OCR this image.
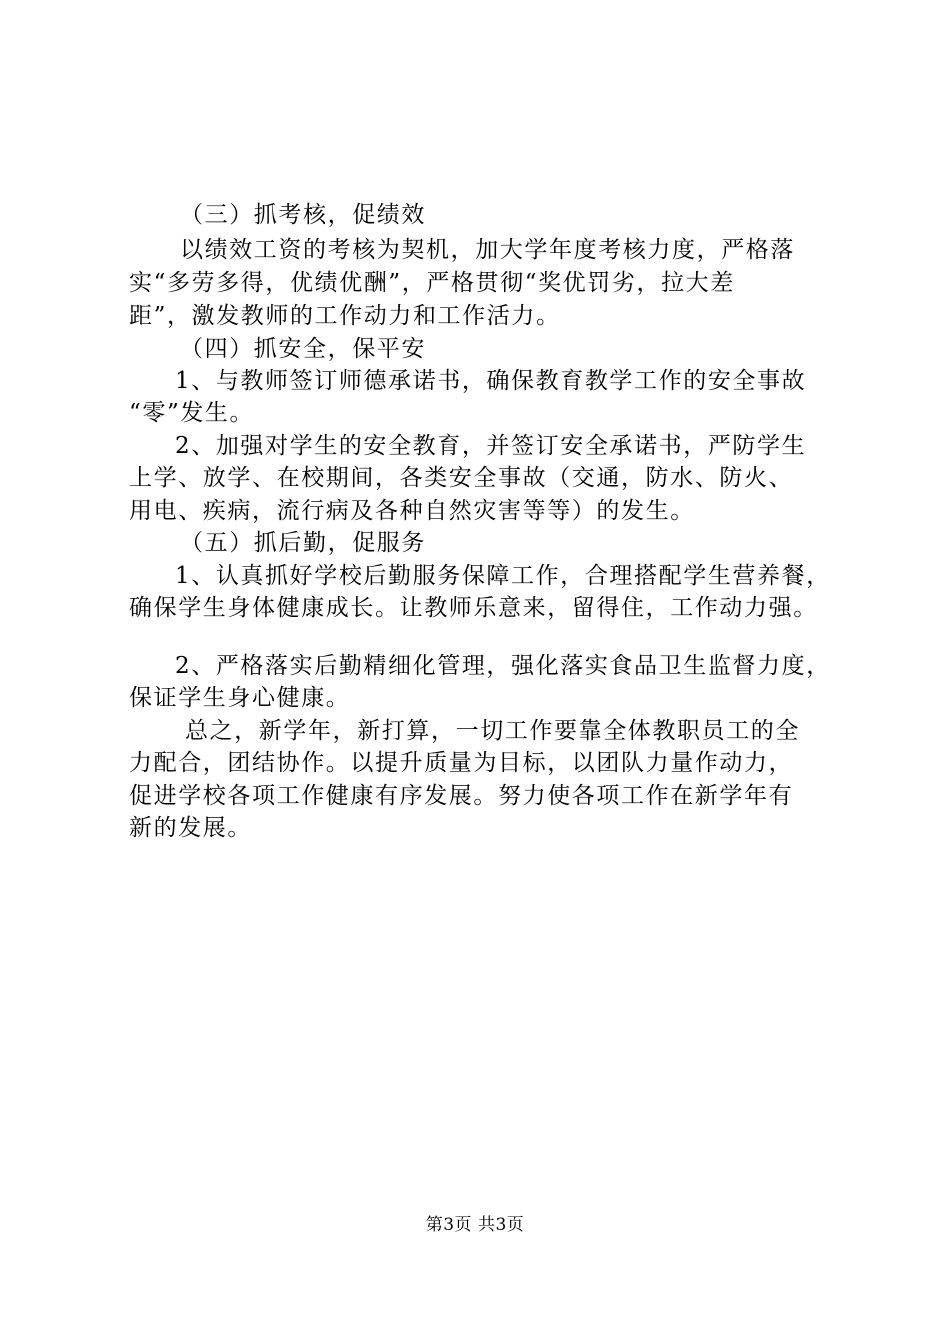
（三）抓考核，促绩效
以绩效工资的考核为契机，加大学年度考核力度，严格落
实“多劳多得，优绩优酬”，严格贯彻“奖优罚劣，拉大差
距”，激发教师的工作动力和工作活力。
（四）抓安全，保平安
1、与教师签订师德承诺书，确保教育教学工作的安全事故
“零”发生。
2、加强对学生的安全教育，并签订安全承诺书，严防学生
上学、放学、在校期间，各类安全事故（交通，防水、防火、
用电、疾病，流行病及各种自然灾害等等）的发生。
（五）抓后勤，促服务
1、认真抓好学校后勤服务保障工作，合理搭配学生营养餐，
确保学生身体健康成长。让教师乐意来，留得住，工作动力强。
2、严格落实后勤精细化管理，强化落实食品卫生监督力度，
保证学生身心健康。
总之，新学年，新打算，一切工作要靠全体教职员工的全
力配合，团结协作。以提升质量为目标，以团队力量作动力，
促进学校各项工作健康有序发展。努力使各项工作在新学年有
新的发展。
第3页 共3页
